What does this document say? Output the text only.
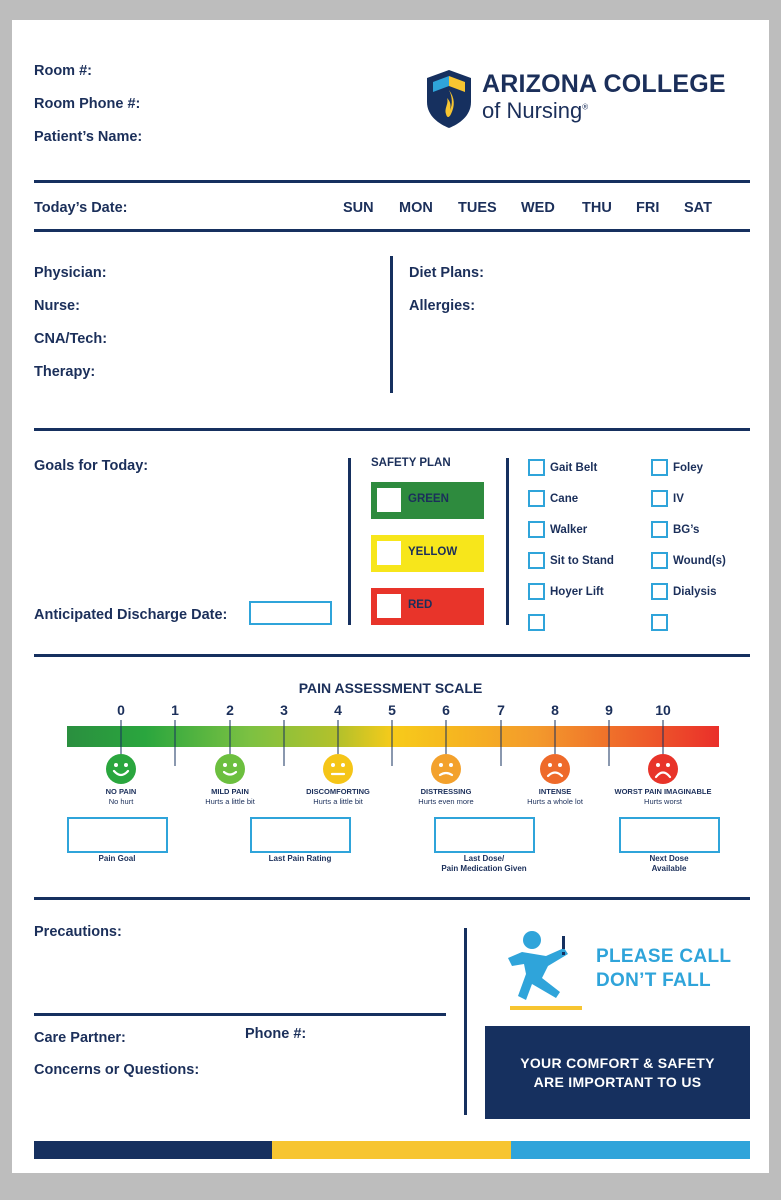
Room #:
Room Phone #:
Patient’s Name:
ARIZONA COLLEGE
of Nursing®
Today’s Date:	SUN MON TUES WED THU FRI SAT
Physician:
Nurse:
CNA/Tech:
Therapy:
Diet Plans:
Allergies:
Goals for Today:
Anticipated Discharge Date:
SAFETY PLAN
GREEN
YELLOW
RED
Gait Belt
Cane
Walker
Sit to Stand
Hoyer Lift
Foley
IV
BG’s
Wound(s)
Dialysis
PAIN ASSESSMENT SCALE
0	1	2	3	4	5	6	7	8	9	10
NO PAIN
No hurt
MILD PAIN
Hurts a little bit
DISCOMFORTING
Hurts a little bit
DISTRESSING
Hurts even more
INTENSE
Hurts a whole lot
WORST PAIN IMAGINABLE
Hurts worst
Pain Goal	Last Pain Rating	Last Dose/
Pain Medication Given
Next Dose
Available
Precautions:
Care Partner:	Phone #:
Concerns or Questions:
PLEASE CALL
DON’T FALL
YOUR COMFORT & SAFETY
ARE IMPORTANT TO US
